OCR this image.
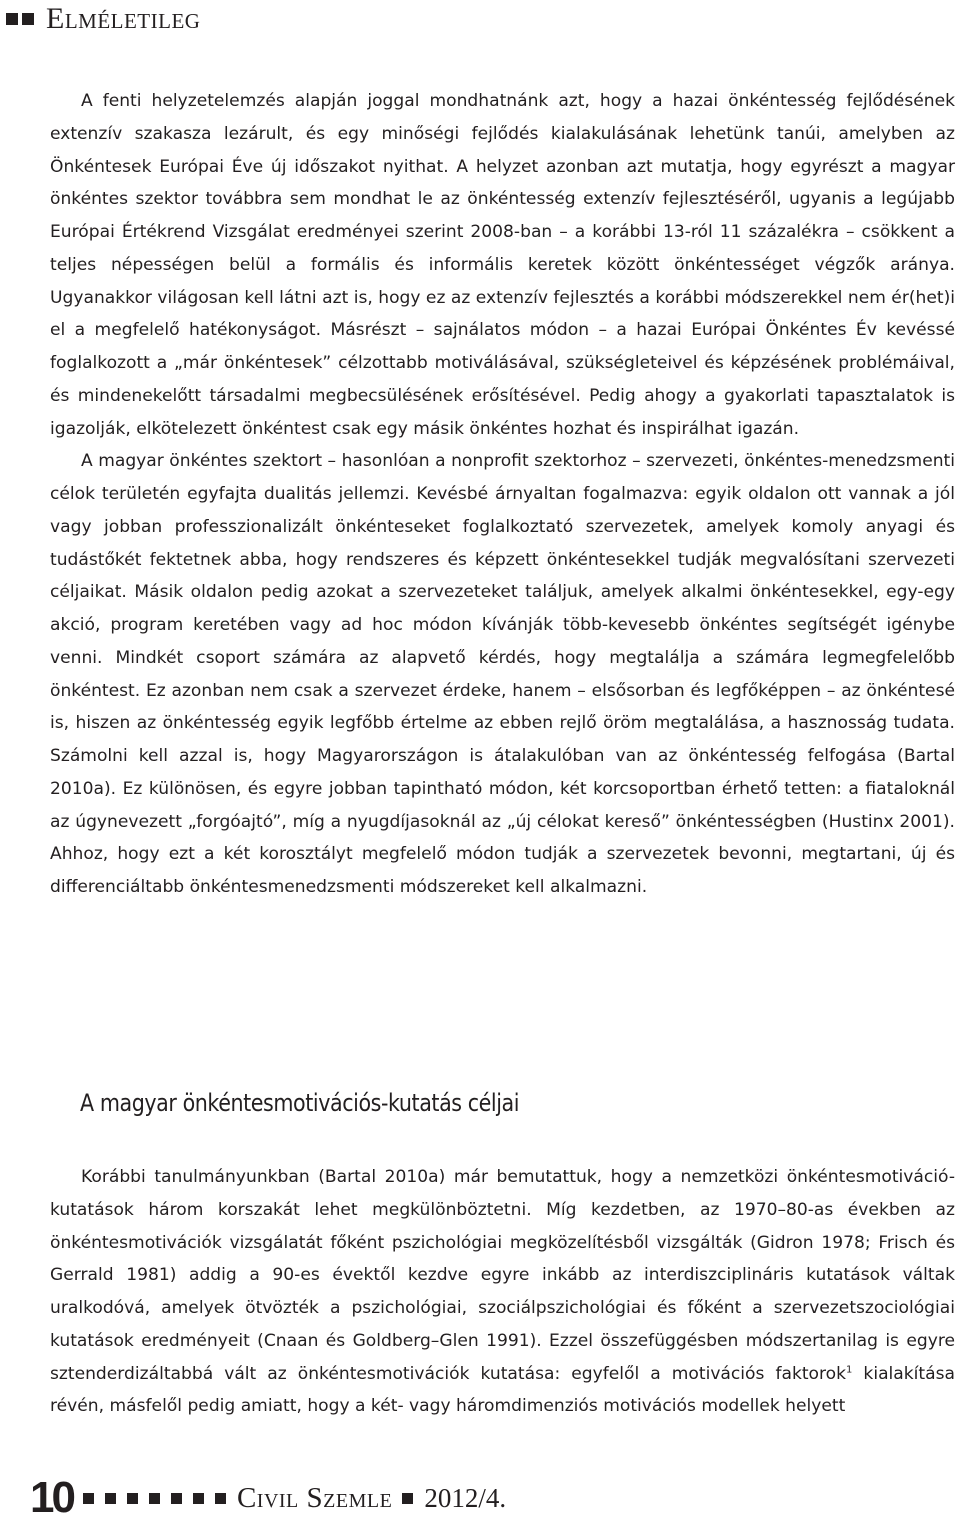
Elméletileg

A fenti helyzetelemzés alapján joggal mondhatnánk azt, hogy a hazai önkéntesség fejlődésének extenzív szakasza lezárult, és egy minőségi fejlődés kialakulásának lehetünk tanúi, amelyben az Önkéntesek Európai Éve új időszakot nyithat. A helyzet azonban azt mutatja, hogy egyrészt a magyar önkéntes szektor továbbra sem mondhat le az önkéntesség extenzív fejlesztéséről, ugyanis a legújabb Európai Értékrend Vizsgálat eredményei szerint 2008-ban – a korábbi 13-ról 11 százalékra – csökkent a teljes népességen belül a formális és informális keretek között önkéntességet végzők aránya. Ugyanakkor világosan kell látni azt is, hogy ez az extenzív fejlesztés a korábbi módszerekkel nem ér(het)i el a megfelelő hatékonyságot. Másrészt – sajnálatos módon – a hazai Európai Önkéntes Év kevéssé foglalkozott a „már önkéntesek” célzottabb motiválásával, szükségleteivel és képzésének problémáival, és mindenekelőtt társadalmi megbecsülésének erősítésével. Pedig ahogy a gyakorlati tapasztalatok is igazolják, elkötelezett önkéntest csak egy másik önkéntes hozhat és inspirálhat igazán.

A magyar önkéntes szektort – hasonlóan a nonprofit szektorhoz – szervezeti, önkéntes-menedzsmenti célok területén egyfajta dualitás jellemzi. Kevésbé árnyaltan fogalmazva: egyik oldalon ott vannak a jól vagy jobban professzionalizált önkénteseket foglalkoztató szervezetek, amelyek komoly anyagi és tudástőkét fektetnek abba, hogy rendszeres és képzett önkéntesekkel tudják megvalósítani szervezeti céljaikat. Másik oldalon pedig azokat a szervezeteket találjuk, amelyek alkalmi önkéntesekkel, egy-egy akció, program keretében vagy ad hoc módon kívánják több-kevesebb önkéntes segítségét igénybe venni. Mindkét csoport számára az alapvető kérdés, hogy megtalálja a számára legmegfelelőbb önkéntest. Ez azonban nem csak a szervezet érdeke, hanem – elsősorban és legfőképpen – az önkéntesé is, hiszen az önkéntesség egyik legfőbb értelme az ebben rejlő öröm megtalálása, a hasznosság tudata. Számolni kell azzal is, hogy Magyarországon is átalakulóban van az önkéntesség felfogása (Bartal 2010a). Ez különösen, és egyre jobban tapintható módon, két korcsoportban érhető tetten: a fiataloknál az úgynevezett „forgóajtó”, míg a nyugdíjasoknál az „új célokat kereső” önkéntességben (Hustinx 2001). Ahhoz, hogy ezt a két korosztályt megfelelő módon tudják a szervezetek bevonni, megtartani, új és differenciáltabb önkéntesmenedzsmenti módszereket kell alkalmazni.

A magyar önkéntesmotivációs-kutatás céljai

Korábbi tanulmányunkban (Bartal 2010a) már bemutattuk, hogy a nemzetközi önkéntesmotiváció-kutatások három korszakát lehet megkülönböztetni. Míg kezdetben, az 1970–80-as években az önkéntesmotivációk vizsgálatát főként pszichológiai megközelítésből vizsgálták (Gidron 1978; Frisch és Gerrald 1981) addig a 90-es évektől kezdve egyre inkább az interdiszciplináris kutatások váltak uralkodóvá, amelyek ötvözték a pszichológiai, szociálpszichológiai és főként a szervezetszociológiai kutatások eredményeit (Cnaan és Goldberg–Glen 1991). Ezzel összefüggésben módszertanilag is egyre sztenderdizáltabbá vált az önkéntesmotivációk kutatása: egyfelől a motivációs faktorok$^1$ kialakítása révén, másfelől pedig amiatt, hogy a két- vagy háromdimenziós motivációs modellek helyett

10	Civil Szemle 2012/4.
